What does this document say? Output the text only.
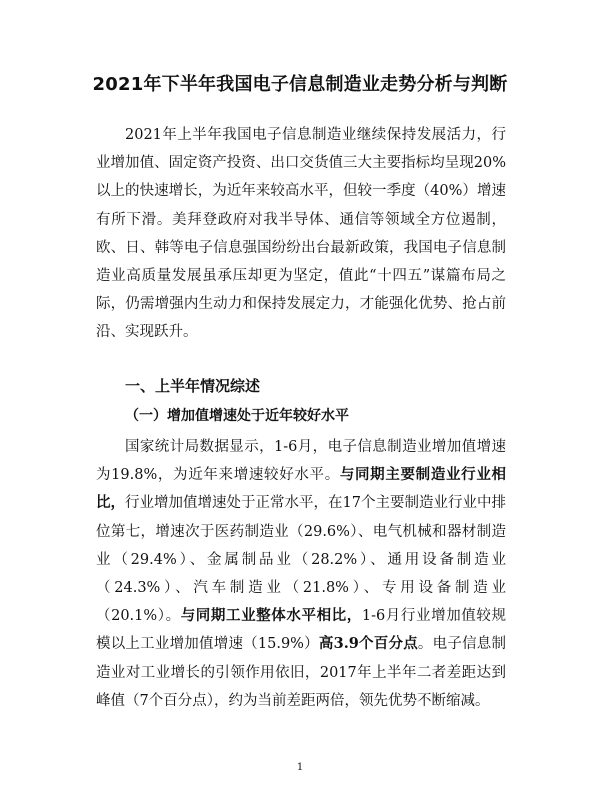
2021年下半年我国电子信息制造业走势分析与判断
2021年上半年我国电子信息制造业继续保持发展活力，行业增加值、固定资产投资、出口交货值三大主要指标均呈现20%以上的快速增长，为近年来较高水平，但较一季度（40%）增速有所下滑。美拜登政府对我半导体、通信等领域全方位遏制，欧、日、韩等电子信息强国纷纷出台最新政策，我国电子信息制造业高质量发展虽承压却更为坚定，值此“十四五”谋篇布局之际，仍需增强内生动力和保持发展定力，才能强化优势、抢占前沿、实现跃升。
一、上半年情况综述
（一）增加值增速处于近年较好水平
国家统计局数据显示，1-6月，电子信息制造业增加值增速为19.8%，为近年来增速较好水平。与同期主要制造业行业相比，行业增加值增速处于正常水平，在17个主要制造业行业中排位第七，增速次于医药制造业（29.6%）、电气机械和器材制造业（29.4%）、金属制品业（28.2%）、通用设备制造业（24.3%）、汽车制造业（21.8%）、专用设备制造业（20.1%）。与同期工业整体水平相比，1-6月行业增加值较规模以上工业增加值增速（15.9%）高3.9个百分点。电子信息制造业对工业增长的引领作用依旧，2017年上半年二者差距达到峰值（7个百分点），约为当前差距两倍，领先优势不断缩减。
1
